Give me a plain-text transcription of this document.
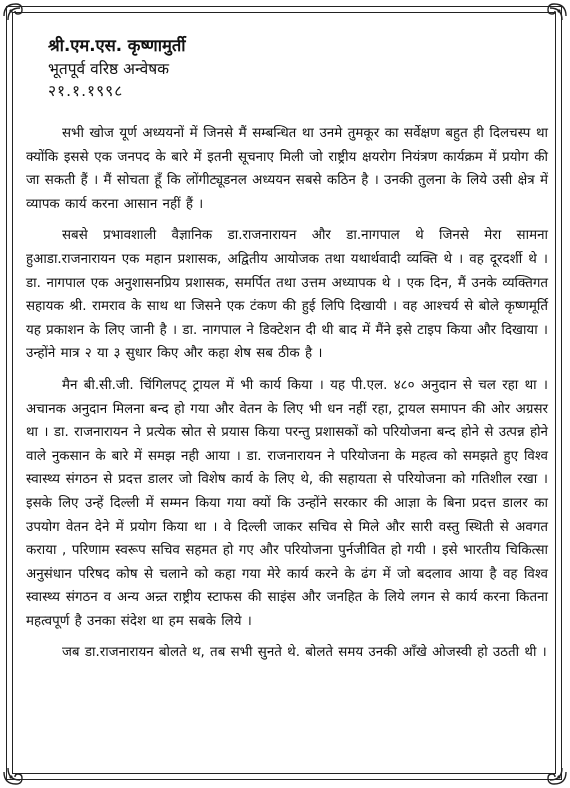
श्री.एम.एस. कृष्णामुर्ती
भूतपूर्व वरिष्ठ अन्वेषक
२१.१.१९९८

सभी खोज यूर्ण अध्ययनों में जिनसे मैं सम्बन्धित था उनमे तुमकूर का सर्वेक्षण बहुत ही दिलचस्प था क्योंकि इससे एक जनपद के बारे में इतनी सूचनाए मिली जो राष्ट्रीय क्षयरोग नियंत्रण कार्यक्रम में प्रयोग की जा सकती हैं । मैं सोचता हूँ कि लोंगीट्यूडनल अध्ययन सबसे कठिन है । उनकी तुलना के लिये उसी क्षेत्र में व्यापक कार्य करना आसान नहीं हैं ।

सबसे प्रभावशाली वैज्ञानिक डा.राजनारायन और डा.नागपाल थे जिनसे मेरा सामना हुआडा.राजनारायन एक महान प्रशासक, अद्वितीय आयोजक तथा यथार्थवादी व्यक्ति थे । वह दूरदर्शी थे । डा. नागपाल एक अनुशासनप्रिय प्रशासक, समर्पित तथा उत्तम अध्यापक थे । एक दिन, मैं उनके व्यक्तिगत सहायक श्री. रामराव के साथ था जिसने एक टंकण की हुई लिपि दिखायी । वह आश्चर्य से बोले कृष्णमूर्ति यह प्रकाशन के लिए जानी है । डा. नागपाल ने डिक्टेशन दी थी बाद में मैंने इसे टाइप किया और दिखाया । उन्होंने मात्र २ या ३ सुधार किए और कहा शेष सब ठीक है ।

मैन बी.सी.जी. चिंगिलपट् ट्रायल में भी कार्य किया । यह पी.एल. ४८० अनुदान से चल रहा था । अचानक अनुदान मिलना बन्द हो गया और वेतन के लिए भी धन नहीं रहा, ट्रायल समापन की ओर अग्रसर था । डा. राजनारायन ने प्रत्येक स्रोत से प्रयास किया परन्तु प्रशासकों को परियोजना बन्द होने से उत्पन्न होने वाले नुकसान के बारे में समझ नही आया । डा. राजनारायन ने परियोजना के महत्व को समझते हुए विश्व स्वास्थ्य संगठन से प्रदत्त डालर जो विशेष कार्य के लिए थे, की सहायता से परियोजना को गतिशील रखा । इसके लिए उन्हें दिल्ली में सम्मन किया गया क्यों कि उन्होंने सरकार की आज्ञा के बिना प्रदत्त डालर का उपयोग वेतन देने में प्रयोग किया था । वे दिल्ली जाकर सचिव से मिले और सारी वस्तु स्थिती से अवगत कराया , परिणाम स्वरूप सचिव सहमत हो गए और परियोजना पुर्नजीवित हो गयी । इसे भारतीय चिकित्सा अनुसंधान परिषद कोष से चलाने को कहा गया मेरे कार्य करने के ढंग में जो बदलाव आया है वह विश्व स्वास्थ्य संगठन व अन्य अन्र्त राष्ट्रीय स्टाफस की साइंस और जनहित के लिये लगन से कार्य करना कितना महत्वपूर्ण है उनका संदेश था हम सबके लिये ।

जब डा.राजनारायन बोलते थ, तब सभी सुनते थे. बोलते समय उनकी आँखे ओजस्वी हो उठती थी ।
